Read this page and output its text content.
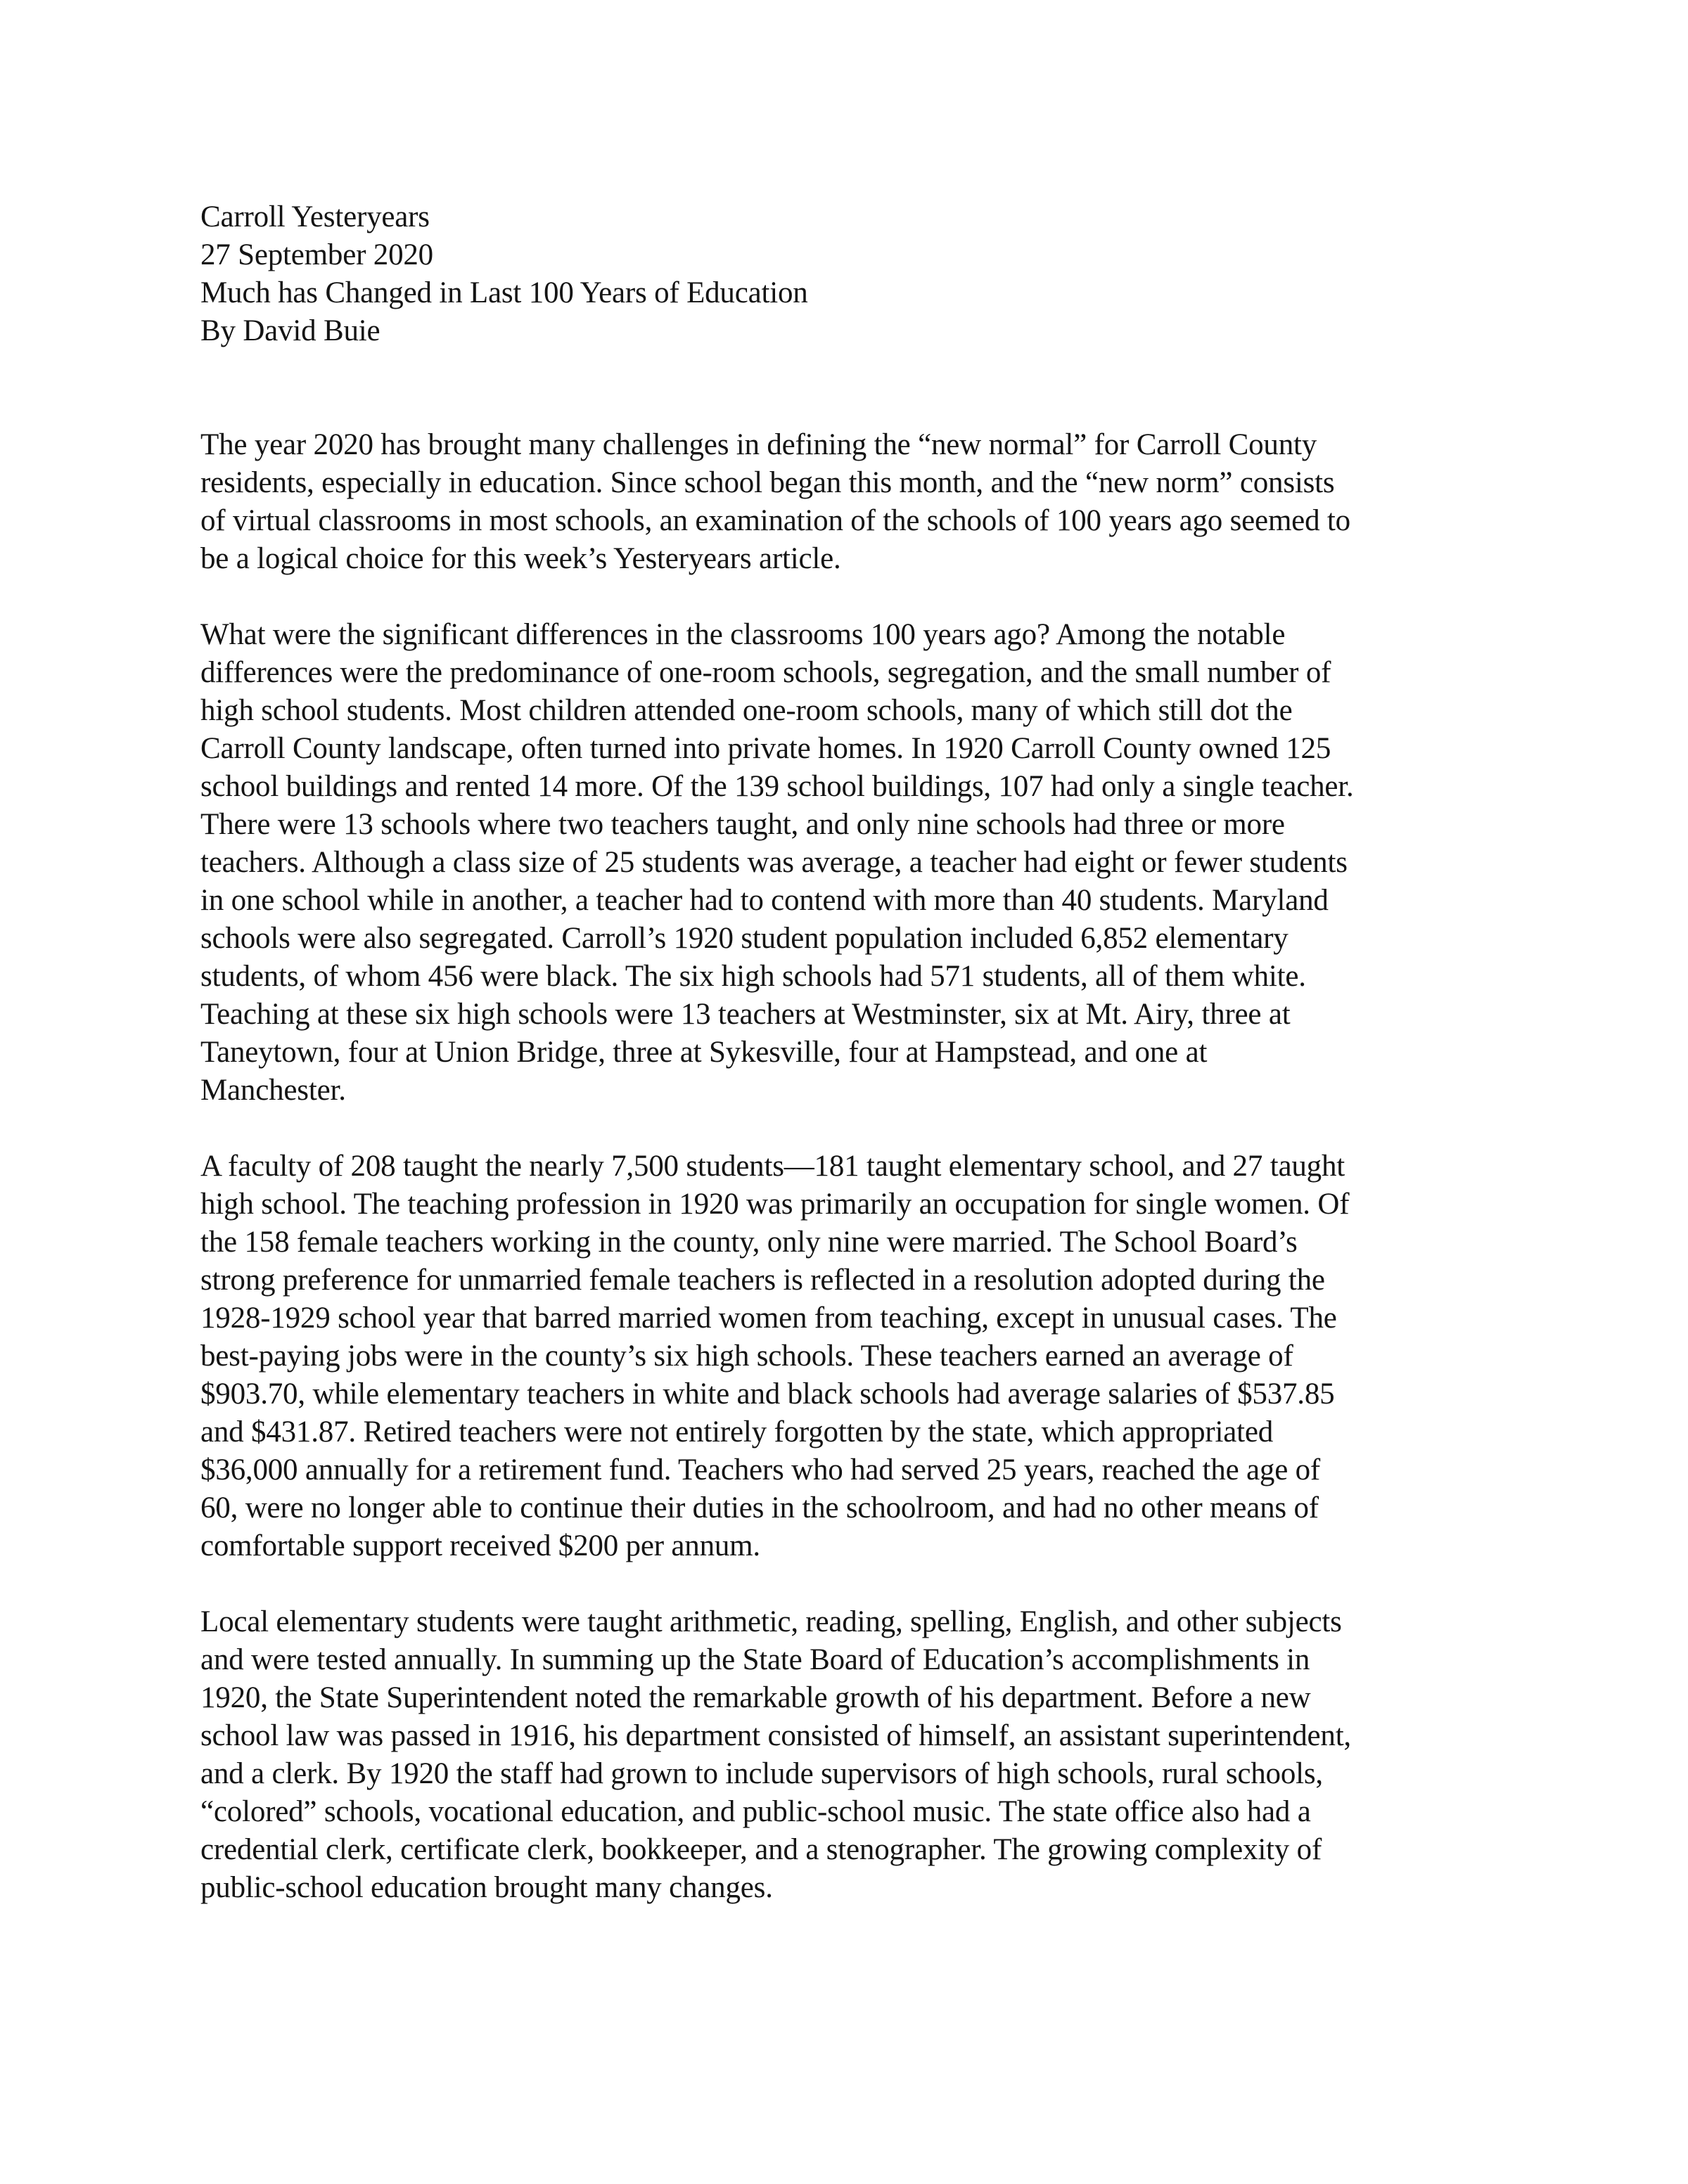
Carroll Yesteryears
27 September 2020
Much has Changed in Last 100 Years of Education
By David Buie

The year 2020 has brought many challenges in defining the “new normal” for Carroll County
residents, especially in education. Since school began this month, and the “new norm” consists
of virtual classrooms in most schools, an examination of the schools of 100 years ago seemed to
be a logical choice for this week’s Yesteryears article.

What were the significant differences in the classrooms 100 years ago? Among the notable
differences were the predominance of one-room schools, segregation, and the small number of
high school students. Most children attended one-room schools, many of which still dot the
Carroll County landscape, often turned into private homes. In 1920 Carroll County owned 125
school buildings and rented 14 more. Of the 139 school buildings, 107 had only a single teacher.
There were 13 schools where two teachers taught, and only nine schools had three or more
teachers. Although a class size of 25 students was average, a teacher had eight or fewer students
in one school while in another, a teacher had to contend with more than 40 students. Maryland
schools were also segregated. Carroll’s 1920 student population included 6,852 elementary
students, of whom 456 were black. The six high schools had 571 students, all of them white.
Teaching at these six high schools were 13 teachers at Westminster, six at Mt. Airy, three at
Taneytown, four at Union Bridge, three at Sykesville, four at Hampstead, and one at
Manchester.

A faculty of 208 taught the nearly 7,500 students—181 taught elementary school, and 27 taught
high school. The teaching profession in 1920 was primarily an occupation for single women. Of
the 158 female teachers working in the county, only nine were married. The School Board’s
strong preference for unmarried female teachers is reflected in a resolution adopted during the
1928-1929 school year that barred married women from teaching, except in unusual cases. The
best-paying jobs were in the county’s six high schools. These teachers earned an average of
$903.70, while elementary teachers in white and black schools had average salaries of $537.85
and $431.87. Retired teachers were not entirely forgotten by the state, which appropriated
$36,000 annually for a retirement fund. Teachers who had served 25 years, reached the age of
60, were no longer able to continue their duties in the schoolroom, and had no other means of
comfortable support received $200 per annum.

Local elementary students were taught arithmetic, reading, spelling, English, and other subjects
and were tested annually. In summing up the State Board of Education’s accomplishments in
1920, the State Superintendent noted the remarkable growth of his department. Before a new
school law was passed in 1916, his department consisted of himself, an assistant superintendent,
and a clerk. By 1920 the staff had grown to include supervisors of high schools, rural schools,
“colored” schools, vocational education, and public-school music. The state office also had a
credential clerk, certificate clerk, bookkeeper, and a stenographer. The growing complexity of
public-school education brought many changes.
